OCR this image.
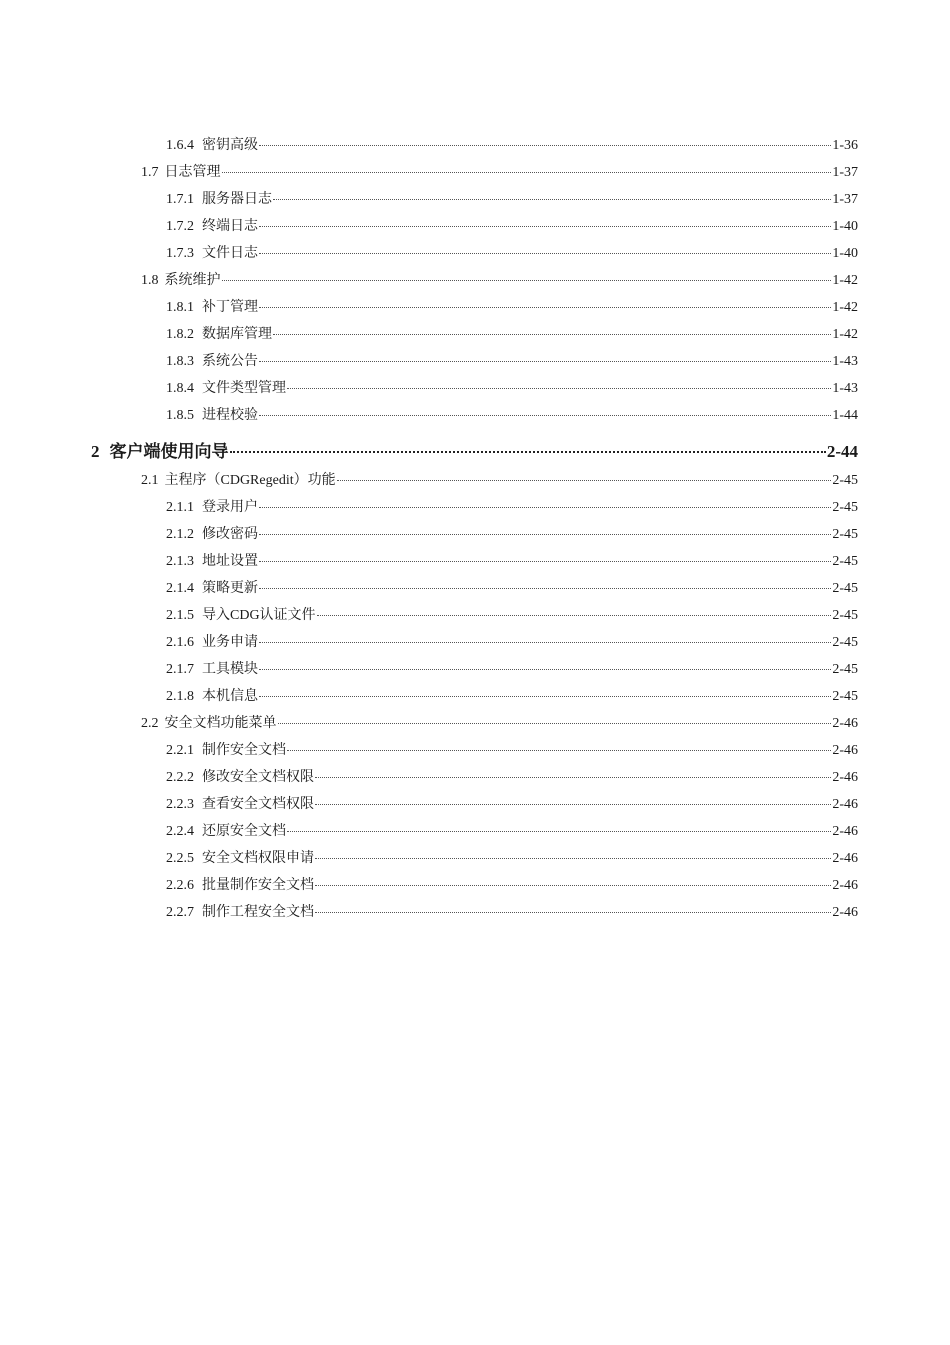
1.6.4 密钥高级	1-36
1.7 日志管理	1-37
1.7.1 服务器日志	1-37
1.7.2 终端日志	1-40
1.7.3 文件日志	1-40
1.8 系统维护	1-42
1.8.1 补丁管理	1-42
1.8.2 数据库管理	1-42
1.8.3 系统公告	1-43
1.8.4 文件类型管理	1-43
1.8.5 进程校验	1-44
2 客户端使用向导	2-44
2.1 主程序（CDGRegedit）功能	2-45
2.1.1 登录用户	2-45
2.1.2 修改密码	2-45
2.1.3 地址设置	2-45
2.1.4 策略更新	2-45
2.1.5 导入CDG认证文件	2-45
2.1.6 业务申请	2-45
2.1.7 工具模块	2-45
2.1.8 本机信息	2-45
2.2 安全文档功能菜单	2-46
2.2.1 制作安全文档	2-46
2.2.2 修改安全文档权限	2-46
2.2.3 查看安全文档权限	2-46
2.2.4 还原安全文档	2-46
2.2.5 安全文档权限申请	2-46
2.2.6 批量制作安全文档	2-46
2.2.7 制作工程安全文档	2-46
